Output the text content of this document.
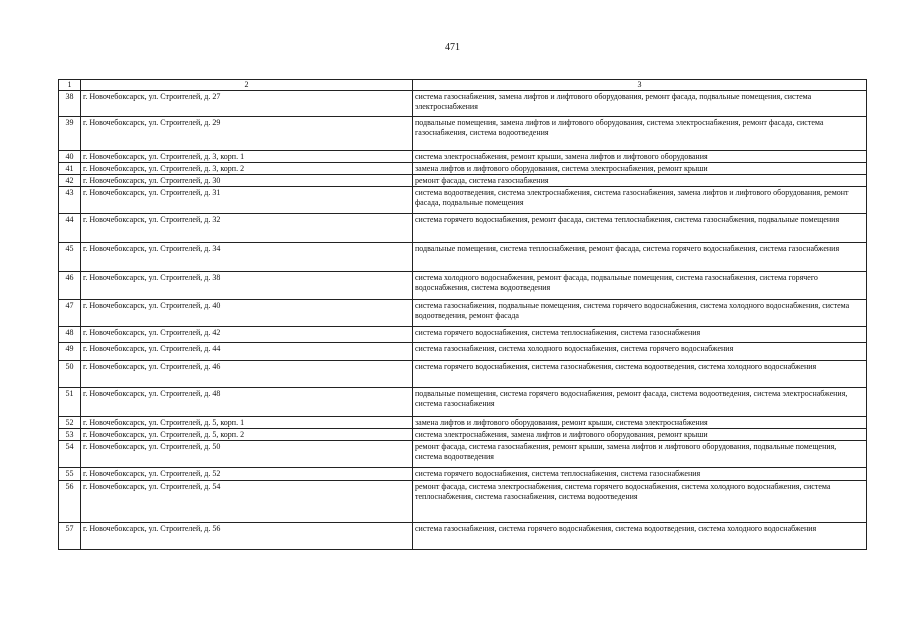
471
1	2	3
38	г. Новочебоксарск, ул. Строителей, д. 27	система газоснабжения, замена лифтов и лифтового оборудования, ремонт фасада, подвальные помещения, система электроснабжения
39	г. Новочебоксарск, ул. Строителей, д. 29	подвальные помещения, замена лифтов и лифтового оборудования, система электроснабжения, ремонт фасада, система газоснабжения, система водоотведения
40	г. Новочебоксарск, ул. Строителей, д. 3, корп. 1	система электроснабжения, ремонт крыши, замена лифтов и лифтового оборудования
41	г. Новочебоксарск, ул. Строителей, д. 3, корп. 2	замена лифтов и лифтового оборудования, система электроснабжения, ремонт крыши
42	г. Новочебоксарск, ул. Строителей, д. 30	ремонт фасада, система газоснабжения
43	г. Новочебоксарск, ул. Строителей, д. 31	система водоотведения, система электроснабжения, система газоснабжения, замена лифтов и лифтового оборудования, ремонт фасада, подвальные помещения
44	г. Новочебоксарск, ул. Строителей, д. 32	система горячего водоснабжения, ремонт фасада, система теплоснабжения, система газоснабжения, подвальные помещения
45	г. Новочебоксарск, ул. Строителей, д. 34	подвальные помещения, система теплоснабжения, ремонт фасада, система горячего водоснабжения, система газоснабжения
46	г. Новочебоксарск, ул. Строителей, д. 38	система холодного водоснабжения, ремонт фасада, подвальные помещения, система газоснабжения, система горячего водоснабжения, система водоотведения
47	г. Новочебоксарск, ул. Строителей, д. 40	система газоснабжения, подвальные помещения, система горячего водоснабжения, система холодного водоснабжения, система водоотведения, ремонт фасада
48	г. Новочебоксарск, ул. Строителей, д. 42	система горячего водоснабжения, система теплоснабжения, система газоснабжения
49	г. Новочебоксарск, ул. Строителей, д. 44	система газоснабжения, система холодного водоснабжения, система горячего водоснабжения
50	г. Новочебоксарск, ул. Строителей, д. 46	система горячего водоснабжения, система газоснабжения, система водоотведения, система холодного водоснабжения
51	г. Новочебоксарск, ул. Строителей, д. 48	подвальные помещения, система горячего водоснабжения, ремонт фасада, система водоотведения, система электроснабжения, система газоснабжения
52	г. Новочебоксарск, ул. Строителей, д. 5, корп. 1	замена лифтов и лифтового оборудования, ремонт крыши, система электроснабжения
53	г. Новочебоксарск, ул. Строителей, д. 5, корп. 2	система электроснабжения, замена лифтов и лифтового оборудования, ремонт крыши
54	г. Новочебоксарск, ул. Строителей, д. 50	ремонт фасада, система газоснабжения, ремонт крыши, замена лифтов и лифтового оборудования, подвальные помещения, система водоотведения
55	г. Новочебоксарск, ул. Строителей, д. 52	система горячего водоснабжения, система теплоснабжения, система газоснабжения
56	г. Новочебоксарск, ул. Строителей, д. 54	ремонт фасада, система электроснабжения, система горячего водоснабжения, система холодного водоснабжения, система теплоснабжения, система газоснабжения, система водоотведения
57	г. Новочебоксарск, ул. Строителей, д. 56	система газоснабжения, система горячего водоснабжения, система водоотведения, система холодного водоснабжения
